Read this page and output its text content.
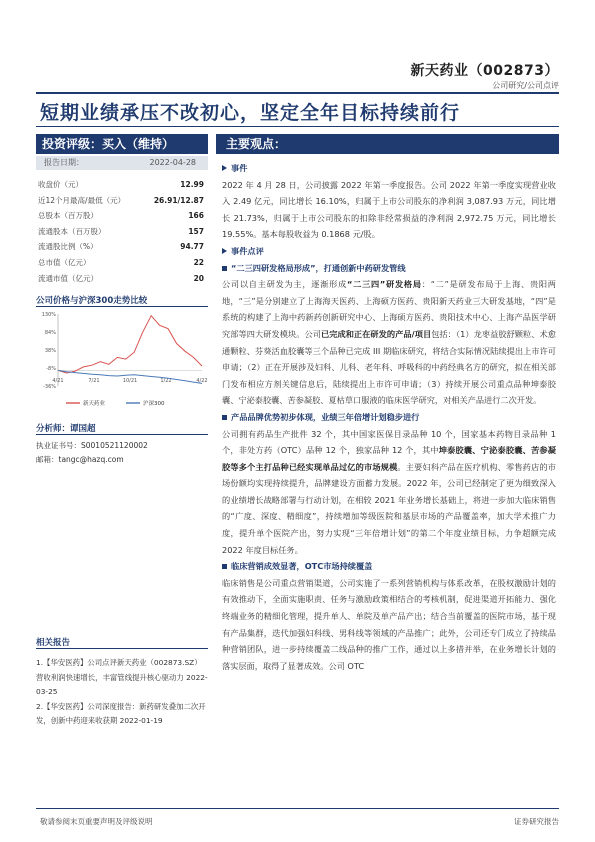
新天药业（002873）
公司研究/公司点评
短期业绩承压不改初心，坚定全年目标持续前行
投资评级：买入（维持）
报告日期：	2022-04-28
收盘价（元）	12.99
近12个月最高/最低（元）	26.91/12.87
总股本（百万股）	166
流通股本（百万股）	157
流通股比例（%）	94.77
总市值（亿元）	22
流通市值（亿元）	20
公司价格与沪深300走势比较
130%
84%
38%
-8%
-36%
4/21	7/21	10/21	1/22	4/22
新天药业	沪深300
分析师：谭国超
执业证书号：S0010521120002
邮箱：tangc@hazq.com
相关报告
1.【华安医药】公司点评新天药业（002873.SZ）营收利润快速增长，丰富管线提升核心驱动力 2022-03-25
2.【华安医药】公司深度报告：新药研发叠加二次开发，创新中药迎来收获期 2022-01-19
主要观点：
事件
2022 年 4 月 28 日，公司披露 2022 年第一季度报告。公司 2022 年第一季度实现营业收入 2.49 亿元，同比增长 16.10%，归属于上市公司股东的净利润 3,087.93 万元，同比增长 21.73%，归属于上市公司股东的扣除非经常损益的净利润 2,972.75 万元，同比增长 19.55%。基本每股收益为 0.1868 元/股。
事件点评
“二三四研发格局形成”，打通创新中药研发管线
公司以自主研发为主，逐渐形成“二三四”研发格局：“二”是研发布局于上海、贵阳两地，“三”是分别建立了上海海天医药、上海硕方医药、贵阳新天药业三大研发基地，“四”是系统的构建了上海中药新药创新研究中心、上海硕方医药、贵阳技术中心、上海产品医学研究部等四大研发模块。公司已完成和正在研发的产品/项目包括：（1）龙枣益胶舒颗粒、术愈通颗粒、芬葵活血胶囊等三个品种已完成 III 期临床研究，将结合实际情况陆续提出上市许可申请；（2）正在开展涉及妇科、儿科、老年科、呼吸科的中药经典名方的研究，拟在相关部门发布相应方剂关键信息后，陆续提出上市许可申请；（3）持续开展公司重点品种坤泰胶囊、宁泌泰胶囊、苦参凝胶、夏枯草口服液的临床医学研究，对相关产品进行二次开发。
产品品牌优势初步体现，业绩三年倍增计划稳步进行
公司拥有药品生产批件 32 个，其中国家医保目录品种 10 个，国家基本药物目录品种 1 个，非处方药（OTC）品种 12 个，独家品种 12 个，其中坤泰胶囊、宁泌泰胶囊、苦参凝胶等多个主打品种已经实现单品过亿的市场规模。主要妇科产品在医疗机构、零售药店的市场份额均实现持续提升，品牌建设方面蓄力发展。2022 年，公司已经制定了更为细致深入的业绩增长战略部署与行动计划，在相较 2021 年业务增长基础上，将进一步加大临床销售的“广度、深度、精细度”，持续增加等级医院和基层市场的产品覆盖率，加大学术推广力度，提升单个医院产出，努力实现“三年倍增计划”的第二个年度业绩目标，力争超额完成 2022 年度目标任务。
临床营销成效显著，OTC市场持续覆盖
临床销售是公司重点营销渠道，公司实施了一系列营销机构与体系改革，在股权激励计划的有效推动下，全面实施职责、任务与激励政策相结合的考核机制，促进渠道开拓能力、强化终端业务的精细化管理，提升单人、单院及单产品产出；结合当前覆盖的医院市场，基于现有产品集群，迭代加强妇科线、男科线等领域的产品推广；此外，公司还专门成立了持续品种营销团队，进一步持续覆盖二线品种的推广工作，通过以上多措并举，在业务增长计划的落实层面，取得了显著成效。公司 OTC
敬请参阅末页重要声明及评级说明	证券研究报告
